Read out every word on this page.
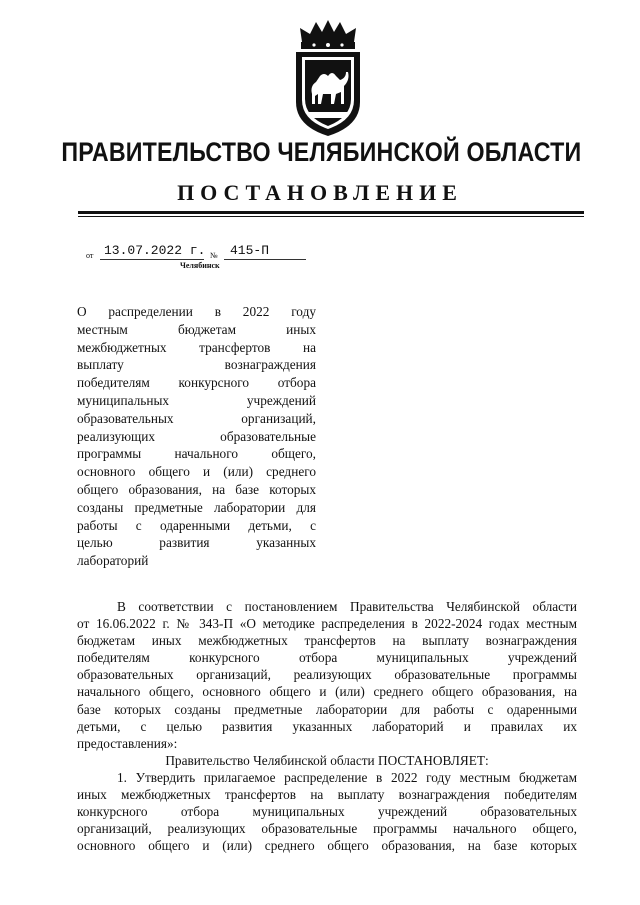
ПРАВИТЕЛЬСТВО ЧЕЛЯБИНСКОЙ ОБЛАСТИ
ПОСТАНОВЛЕНИЕ
от 13.07.2022 г. № 415-П
Челябинск
О распределении в 2022 году
местным бюджетам иных
межбюджетных трансфертов на
выплату вознаграждения
победителям конкурсного отбора
муниципальных учреждений
образовательных организаций,
реализующих образовательные
программы начального общего,
основного общего и (или) среднего
общего образования, на базе которых
созданы предметные лаборатории для
работы с одаренными детьми, с
целью развития указанных
лабораторий
В соответствии с постановлением Правительства Челябинской области
от 16.06.2022 г. № 343-П «О методике распределения в 2022-2024 годах местным
бюджетам иных межбюджетных трансфертов на выплату вознаграждения
победителям конкурсного отбора муниципальных учреждений
образовательных организаций, реализующих образовательные программы
начального общего, основного общего и (или) среднего общего образования, на
базе которых созданы предметные лаборатории для работы с одаренными
детьми, с целью развития указанных лабораторий и правилах их
предоставления»:
Правительство Челябинской области ПОСТАНОВЛЯЕТ:
1. Утвердить прилагаемое распределение в 2022 году местным бюджетам
иных межбюджетных трансфертов на выплату вознаграждения победителям
конкурсного отбора муниципальных учреждений образовательных
организаций, реализующих образовательные программы начального общего,
основного общего и (или) среднего общего образования, на базе которых
